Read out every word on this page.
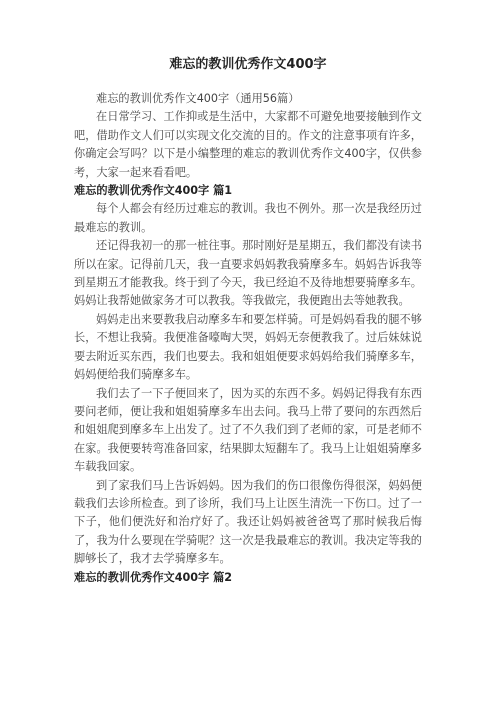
难忘的教训优秀作文400字

难忘的教训优秀作文400字（通用56篇）

在日常学习、工作抑或是生活中，大家都不可避免地要接触到作文吧，借助作文人们可以实现文化交流的目的。作文的注意事项有许多，你确定会写吗？以下是小编整理的难忘的教训优秀作文400字，仅供参考，大家一起来看看吧。

难忘的教训优秀作文400字 篇1

每个人都会有经历过难忘的教训。我也不例外。那一次是我经历过最难忘的教训。

还记得我初一的那一桩往事。那时刚好是星期五，我们都没有读书所以在家。记得前几天，我一直要求妈妈教我骑摩多车。妈妈告诉我等到星期五才能教我。终于到了今天，我已经迫不及待地想要骑摩多车。妈妈让我帮她做家务才可以教我。等我做完，我便跑出去等她教我。

妈妈走出来要教我启动摩多车和要怎样骑。可是妈妈看我的腿不够长，不想让我骑。我便准备嚎啕大哭，妈妈无奈便教我了。过后妹妹说要去附近买东西，我们也要去。我和姐姐便要求妈妈给我们骑摩多车，妈妈便给我们骑摩多车。

我们去了一下子便回来了，因为买的东西不多。妈妈记得我有东西要问老师，便让我和姐姐骑摩多车出去问。我马上带了要问的东西然后和姐姐爬到摩多车上出发了。过了不久我们到了老师的家，可是老师不在家。我便要转弯准备回家，结果脚太短翻车了。我马上让姐姐骑摩多车载我回家。

到了家我们马上告诉妈妈。因为我们的伤口很像伤得很深，妈妈便载我们去诊所检查。到了诊所，我们马上让医生清洗一下伤口。过了一下子，他们便洗好和治疗好了。我还让妈妈被爸爸骂了那时候我后悔了，我为什么要现在学骑呢？这一次是我最难忘的教训。我决定等我的脚够长了，我才去学骑摩多车。

难忘的教训优秀作文400字 篇2
